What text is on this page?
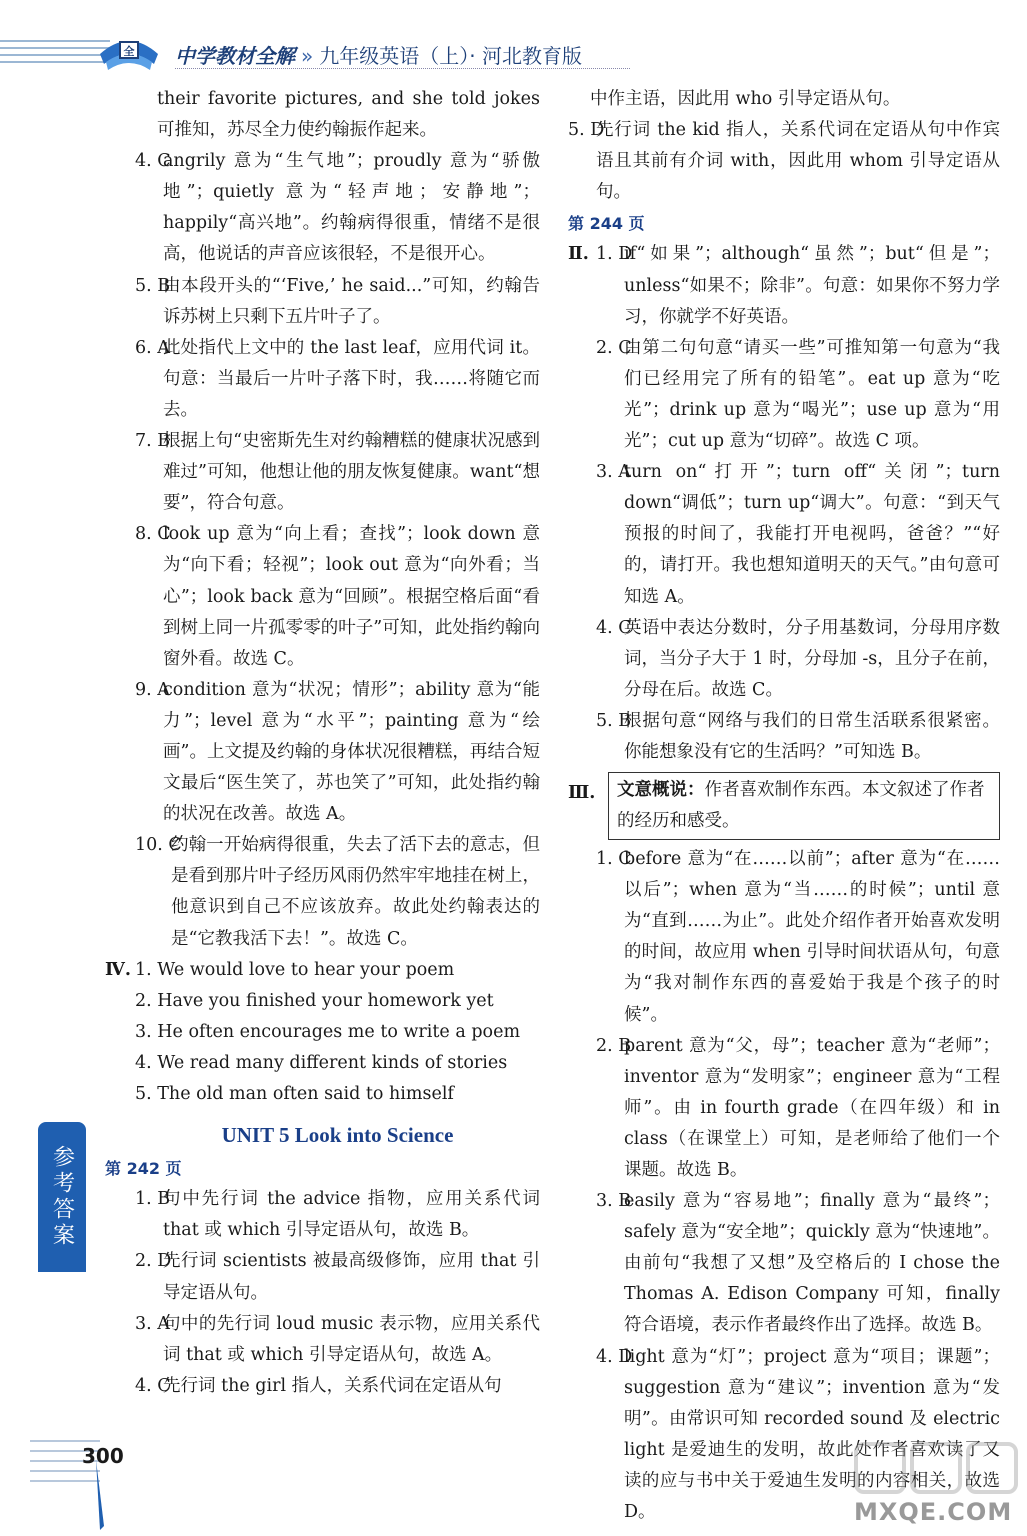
全 中学教材全解 » 九年级英语（上）· 河北教育版
their favorite pictures, and she told jokes 可推知，苏尽全力使约翰振作起来。
4. C
angrily 意为“生气地”；proudly 意为“骄傲地”；quietly 意为“轻声地；安静地”；happily“高兴地”。约翰病得很重，情绪不是很高，他说话的声音应该很轻，不是很开心。
5. B
由本段开头的“‘Five,’ he said...”可知，约翰告诉苏树上只剩下五片叶子了。
6. A
此处指代上文中的 the last leaf，应用代词 it。句意：当最后一片叶子落下时，我……将随它而去。
7. B
根据上句“史密斯先生对约翰糟糕的健康状况感到难过”可知，他想让他的朋友恢复健康。want“想要”，符合句意。
8. C
look up 意为“向上看；查找”；look down 意为“向下看；轻视”；look out 意为“向外看；当心”；look back 意为“回顾”。根据空格后面“看到树上同一片孤零零的叶子”可知，此处指约翰向窗外看。故选 C。
9. A
condition 意为“状况；情形”；ability 意为“能力”；level 意为“水平”；painting 意为“绘画”。上文提及约翰的身体状况很糟糕，再结合短文最后“医生笑了，苏也笑了”可知，此处指约翰的状况在改善。故选 A。
10. C
约翰一开始病得很重，失去了活下去的意志，但是看到那片叶子经历风雨仍然牢牢地挂在树上，他意识到自己不应该放弃。故此处约翰表达的是“它教我活下去！”。故选 C。
Ⅳ. 1. We would love to hear your poem
2. Have you finished your homework yet
3. He often encourages me to write a poem
4. We read many different kinds of stories
5. The old man often said to himself
UNIT 5 Look into Science
第 242 页
1. B
句中先行词 the advice 指物，应用关系代词 that 或 which 引导定语从句，故选 B。
2. D
先行词 scientists 被最高级修饰，应用 that 引导定语从句。
3. A
句中的先行词 loud music 表示物，应用关系代词 that 或 which 引导定语从句，故选 A。
4. C
先行词 the girl 指人，关系代词在定语从句
中作主语，因此用 who 引导定语从句。
5. D
先行词 the kid 指人，关系代词在定语从句中作宾语且其前有介词 with，因此用 whom 引导定语从句。
第 244 页
Ⅱ. 1. D
if“如果”；although“虽然”；but“但是”；unless“如果不；除非”。句意：如果你不努力学习，你就学不好英语。
2. C
由第二句句意“请买一些”可推知第一句意为“我们已经用完了所有的铅笔”。eat up 意为“吃光”；drink up 意为“喝光”；use up 意为“用光”；cut up 意为“切碎”。故选 C 项。
3. A
turn on“打开”；turn off“关闭”；turn down“调低”；turn up“调大”。句意：“到天气预报的时间了，我能打开电视吗，爸爸？”“好的，请打开。我也想知道明天的天气。”由句意可知选 A。
4. C
英语中表达分数时，分子用基数词，分母用序数词，当分子大于 1 时，分母加 -s，且分子在前，分母在后。故选 C。
5. B
根据句意“网络与我们的日常生活联系很紧密。你能想象没有它的生活吗？”可知选 B。
Ⅲ.	文意概说：作者喜欢制作东西。本文叙述了作者的经历和感受。
1. C
before 意为“在……以前”；after 意为“在……以后”；when 意为“当……的时候”；until 意为“直到……为止”。此处介绍作者开始喜欢发明的时间，故应用 when 引导时间状语从句，句意为“我对制作东西的喜爱始于我是个孩子的时候”。
2. B
parent 意为“父，母”；teacher 意为“老师”；inventor 意为“发明家”；engineer 意为“工程师”。由 in fourth grade（在四年级）和 in class（在课堂上）可知，是老师给了他们一个课题。故选 B。
3. B
easily 意为“容易地”；finally 意为“最终”；safely 意为“安全地”；quickly 意为“快速地”。由前句“我想了又想”及空格后的 I chose the Thomas A. Edison Company 可知，finally 符合语境，表示作者最终作出了选择。故选 B。
4. D
light 意为“灯”；project 意为“项目；课题”；suggestion 意为“建议”；invention 意为“发明”。由常识可知 recorded sound 及 electric light 是爱迪生的发明，故此处作者喜欢读了又读的应与书中关于爱迪生发明的内容相关，故选 D。
参考答案
300
MXQE.COM
